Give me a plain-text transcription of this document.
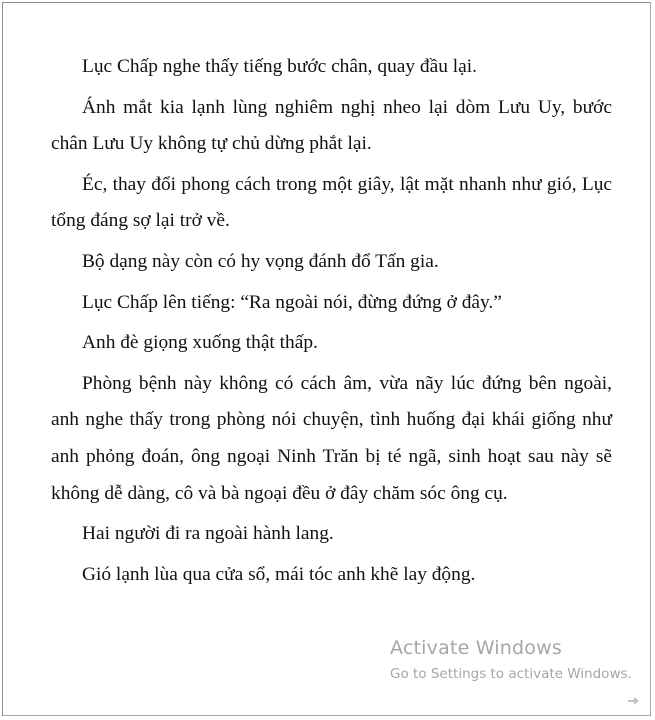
Lục Chấp nghe thấy tiếng bước chân, quay đầu lại.

Ánh mắt kia lạnh lùng nghiêm nghị nheo lại dòm Lưu Uy, bước chân Lưu Uy không tự chủ dừng phắt lại.

Éc, thay đổi phong cách trong một giây, lật mặt nhanh như gió, Lục tổng đáng sợ lại trở về.

Bộ dạng này còn có hy vọng đánh đổ Tấn gia.

Lục Chấp lên tiếng: “Ra ngoài nói, đừng đứng ở đây.”

Anh đè giọng xuống thật thấp.

Phòng bệnh này không có cách âm, vừa nãy lúc đứng bên ngoài, anh nghe thấy trong phòng nói chuyện, tình huống đại khái giống như anh phỏng đoán, ông ngoại Ninh Trăn bị té ngã, sinh hoạt sau này sẽ không dễ dàng, cô và bà ngoại đều ở đây chăm sóc ông cụ.

Hai người đi ra ngoài hành lang.

Gió lạnh lùa qua cửa sổ, mái tóc anh khẽ lay động.

Activate Windows
Go to Settings to activate Windows.
